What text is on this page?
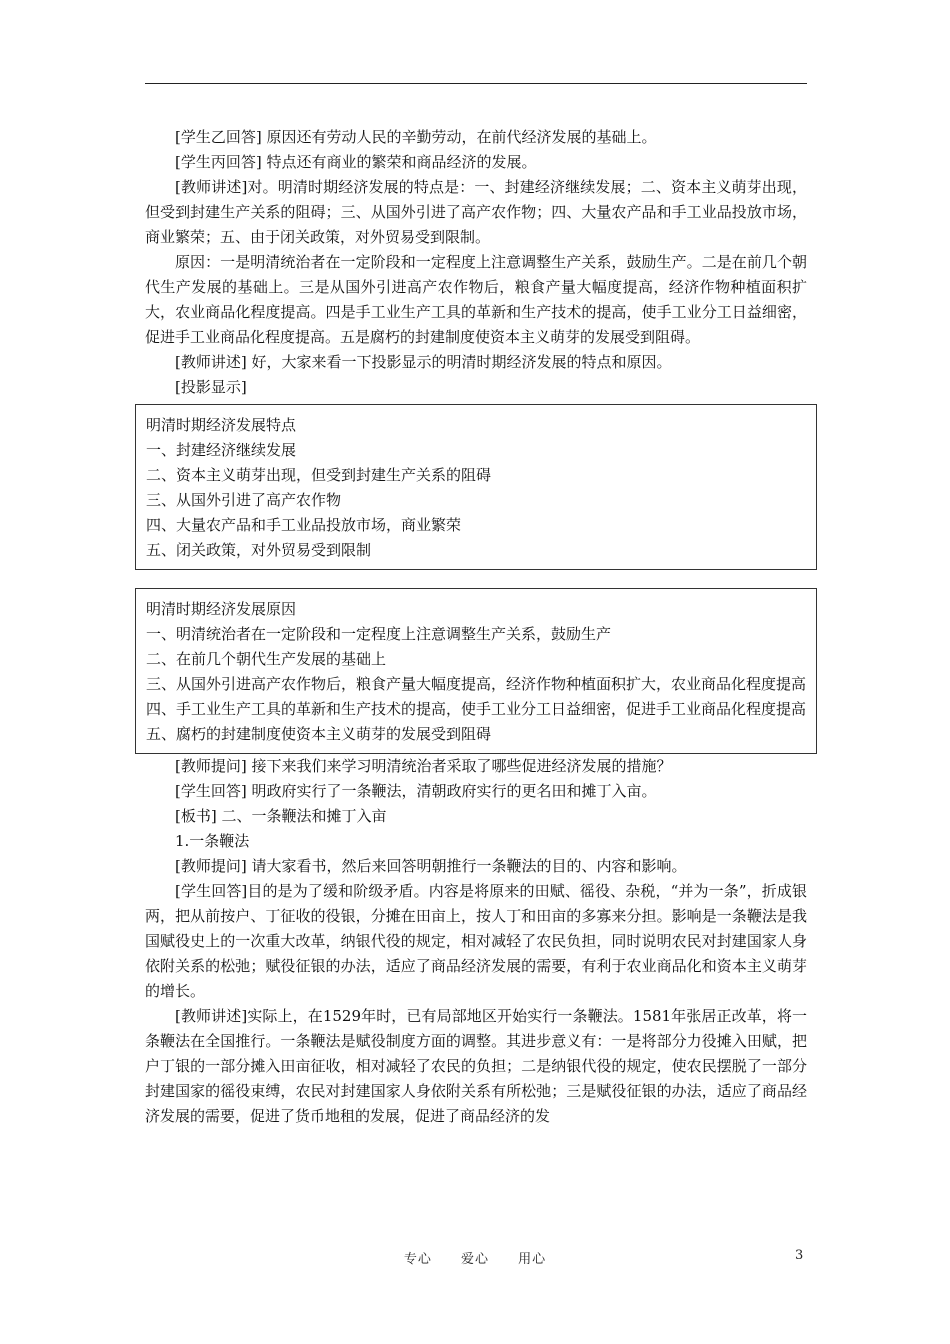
[学生乙回答] 原因还有劳动人民的辛勤劳动，在前代经济发展的基础上。

[学生丙回答] 特点还有商业的繁荣和商品经济的发展。

[教师讲述]对。明清时期经济发展的特点是：一、封建经济继续发展；二、资本主义萌芽出现，但受到封建生产关系的阻碍；三、从国外引进了高产农作物；四、大量农产品和手工业品投放市场，商业繁荣；五、由于闭关政策，对外贸易受到限制。

原因：一是明清统治者在一定阶段和一定程度上注意调整生产关系，鼓励生产。二是在前几个朝代生产发展的基础上。三是从国外引进高产农作物后，粮食产量大幅度提高，经济作物种植面积扩大，农业商品化程度提高。四是手工业生产工具的革新和生产技术的提高，使手工业分工日益细密，促进手工业商品化程度提高。五是腐朽的封建制度使资本主义萌芽的发展受到阻碍。

[教师讲述] 好，大家来看一下投影显示的明清时期经济发展的特点和原因。

[投影显示]

明清时期经济发展特点
一、封建经济继续发展
二、资本主义萌芽出现，但受到封建生产关系的阻碍
三、从国外引进了高产农作物
四、大量农产品和手工业品投放市场，商业繁荣
五、闭关政策，对外贸易受到限制
明清时期经济发展原因
一、明清统治者在一定阶段和一定程度上注意调整生产关系，鼓励生产
二、在前几个朝代生产发展的基础上
三、从国外引进高产农作物后，粮食产量大幅度提高，经济作物种植面积扩大，农业商品化程度提高
四、手工业生产工具的革新和生产技术的提高，使手工业分工日益细密，促进手工业商品化程度提高
五、腐朽的封建制度使资本主义萌芽的发展受到阻碍

[教师提问] 接下来我们来学习明清统治者采取了哪些促进经济发展的措施？

[学生回答] 明政府实行了一条鞭法，清朝政府实行的更名田和摊丁入亩。

[板书] 二、一条鞭法和摊丁入亩

1.一条鞭法

[教师提问] 请大家看书，然后来回答明朝推行一条鞭法的目的、内容和影响。

[学生回答]目的是为了缓和阶级矛盾。内容是将原来的田赋、徭役、杂税，“并为一条”，折成银两，把从前按户、丁征收的役银，分摊在田亩上，按人丁和田亩的多寡来分担。影响是一条鞭法是我国赋役史上的一次重大改革，纳银代役的规定，相对减轻了农民负担，同时说明农民对封建国家人身依附关系的松弛；赋役征银的办法，适应了商品经济发展的需要，有利于农业商品化和资本主义萌芽的增长。

[教师讲述]实际上，在1529年时，已有局部地区开始实行一条鞭法。1581年张居正改革，将一条鞭法在全国推行。一条鞭法是赋役制度方面的调整。其进步意义有：一是将部分力役摊入田赋，把户丁银的一部分摊入田亩征收，相对减轻了农民的负担；二是纳银代役的规定，使农民摆脱了一部分封建国家的徭役束缚，农民对封建国家人身依附关系有所松弛；三是赋役征银的办法，适应了商品经济发展的需要，促进了货币地租的发展，促进了商品经济的发

专心 爱心 用心	3
